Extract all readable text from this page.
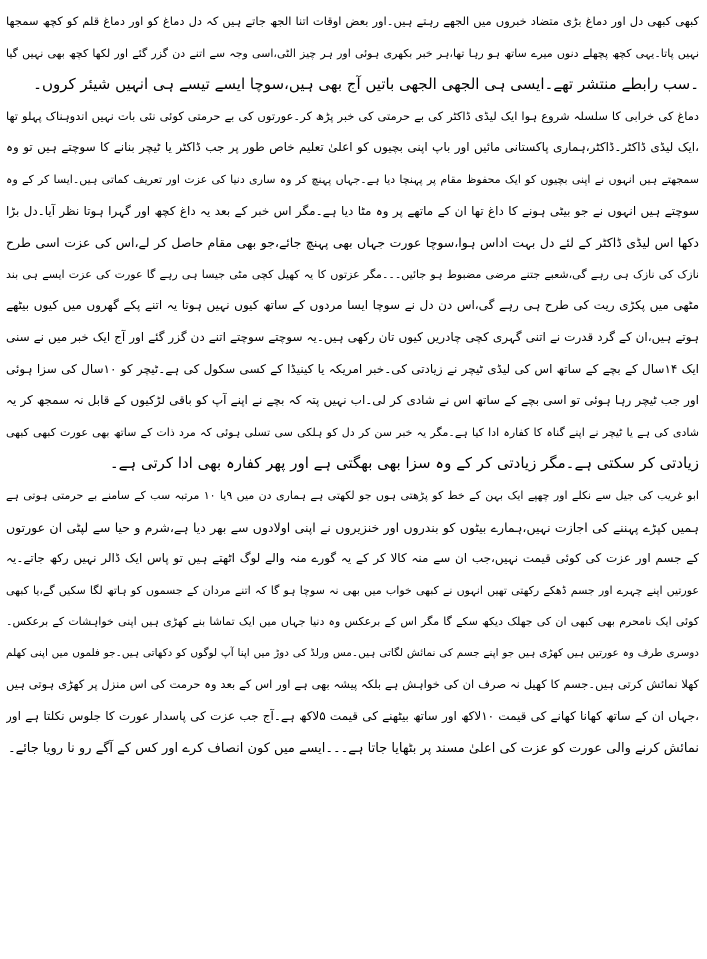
کبھی کبھی دل اور دماغ بڑی متضاد خبروں میں الجھے رہتے ہیں۔اور بعض اوقات اتنا الجھ جاتے ہیں کہ دل دماغ کو اور دماغ قلم کو کچھ سمجھا
نہیں پاتا۔یہی کچھ پچھلے دنوں میرے ساتھ ہو رہا تھا،ہر خبر بکھری ہوئی اور ہر چیز الٹی،اسی وجہ سے اتنے دن گزر گئے اور لکھا کچھ بھی نہیں گیا
۔سب رابطے منتشر تھے۔ایسی ہی الجھی الجھی باتیں آج بھی ہیں،سوچا ایسے تیسے ہی انہیں شیئر کروں۔
دماغ کی خرابی کا سلسلہ شروع ہوا ایک لیڈی ڈاکٹر کی بے حرمتی کی خبر پڑھ کر۔عورتوں کی بے حرمتی کوئی نئی بات نہیں اندوہناک پہلو تھا
،ایک لیڈی ڈاکٹر۔ڈاکٹر،ہماری پاکستانی مائیں اور باپ اپنی بچیوں کو اعلیٰ تعلیم خاص طور پر جب ڈاکٹر یا ٹیچر بنانے کا سوچتے ہیں تو وہ
سمجھتے ہیں انہوں نے اپنی بچیوں کو ایک محفوظ مقام پر پہنچا دیا ہے۔جہاں پہنچ کر وہ ساری دنیا کی عزت اور تعریف کماتی ہیں۔ایسا کر کے وہ
سوچتے ہیں انہوں نے جو بیٹی ہونے کا داغ تھا ان کے ماتھے پر وہ مٹا دیا ہے۔مگر اس خبر کے بعد یہ داغ کچھ اور گہرا ہوتا نظر آیا۔دل بڑا
دکھا اس لیڈی ڈاکٹر کے لئے دل بہت اداس ہوا،سوچا عورت جہاں بھی پہنچ جائے،جو بھی مقام حاصل کر لے،اس کی عزت اسی طرح
نازک کی نازک ہی رہے گی،شعبے جتنے مرضی مضبوط ہو جائیں۔۔۔مگر عزتوں کا یہ کھیل کچی مٹی جیسا ہی رہے گا عورت کی عزت ایسے ہی بند
مٹھی میں پکڑی ریت کی طرح ہی رہے گی،اس دن دل نے سوچا ایسا مردوں کے ساتھ کیوں نہیں ہوتا یہ اتنے پکے گھروں میں کیوں بیٹھے
ہوتے ہیں،ان کے گرد قدرت نے اتنی گہری کچی چادریں کیوں تان رکھی ہیں۔یہ سوچتے سوچتے اتنے دن گزر گئے اور آج ایک خبر میں نے سنی
ایک ۱۴سال کے بچے کے ساتھ اس کی لیڈی ٹیچر نے زیادتی کی۔خبر امریکہ یا کینیڈا کے کسی سکول کی ہے۔ٹیچر کو ۱۰سال کی سزا ہوئی
اور جب ٹیچر رہا ہوئی تو اسی بچے کے ساتھ اس نے شادی کر لی۔اب نہیں پتہ کہ بچے نے اپنے آپ کو باقی لڑکیوں کے قابل نہ سمجھ کر یہ
شادی کی ہے یا ٹیچر نے اپنے گناہ کا کفارہ ادا کیا ہے۔مگر یہ خبر سن کر دل کو ہلکی سی تسلی ہوئی کہ مرد ذات کے ساتھ بھی عورت کبھی کبھی
زیادتی کر سکتی ہے۔مگر زیادتی کر کے وہ سزا بھی بھگتی ہے اور پھر کفارہ بھی ادا کرتی ہے۔
ابو غریب کی جیل سے نکلے اور چھپے ایک بہن کے خط کو پڑھتی ہوں جو لکھتی ہے ہماری دن میں ۹یا ۱۰ مرتبہ سب کے سامنے بے حرمتی ہوتی ہے
ہمیں کپڑے پہننے کی اجازت نہیں،ہمارے بیٹوں کو بندروں اور خنزیروں نے اپنی اولادوں سے بھر دیا ہے،شرم و حیا سے لپٹی ان عورتوں
کے جسم اور عزت کی کوئی قیمت نہیں،جب ان سے منہ کالا کر کے یہ گورے منہ والے لوگ اٹھتے ہیں تو پاس ایک ڈالر نہیں رکھ جاتے۔یہ
عورتیں اپنے چہرے اور جسم ڈھکے رکھتی تھیں انہوں نے کبھی خواب میں بھی نہ سوچا ہو گا کہ اتنے مردان کے جسموں کو ہاتھ لگا سکیں گے،یا کبھی
کوئی ایک نامحرم بھی کبھی ان کی جھلک دیکھ سکے گا مگر اس کے برعکس وہ دنیا جہاں میں ایک تماشا بنے کھڑی ہیں اپنی خواہشات کے برعکس۔
دوسری طرف وہ عورتیں ہیں کھڑی ہیں جو اپنے جسم کی نمائش لگاتی ہیں۔مس ورلڈ کی دوڑ میں اپنا آپ لوگوں کو دکھاتی ہیں۔جو فلموں میں اپنی کھلم
کھلا نمائش کرتی ہیں۔جسم کا کھیل نہ صرف ان کی خواہش ہے بلکہ پیشہ بھی ہے اور اس کے بعد وہ حرمت کی اس منزل پر کھڑی ہوتی ہیں
،جہاں ان کے ساتھ کھانا کھانے کی قیمت ۱۰لاکھ اور ساتھ بیٹھنے کی قیمت ۵لاکھ ہے۔آج جب عزت کی پاسدار عورت کا جلوس نکلتا ہے اور
نمائش کرنے والی عورت کو عزت کی اعلیٰ مسند پر بٹھایا جاتا ہے۔۔۔ایسے میں کون انصاف کرے اور کس کے آگے رو نا رویا جائے۔
